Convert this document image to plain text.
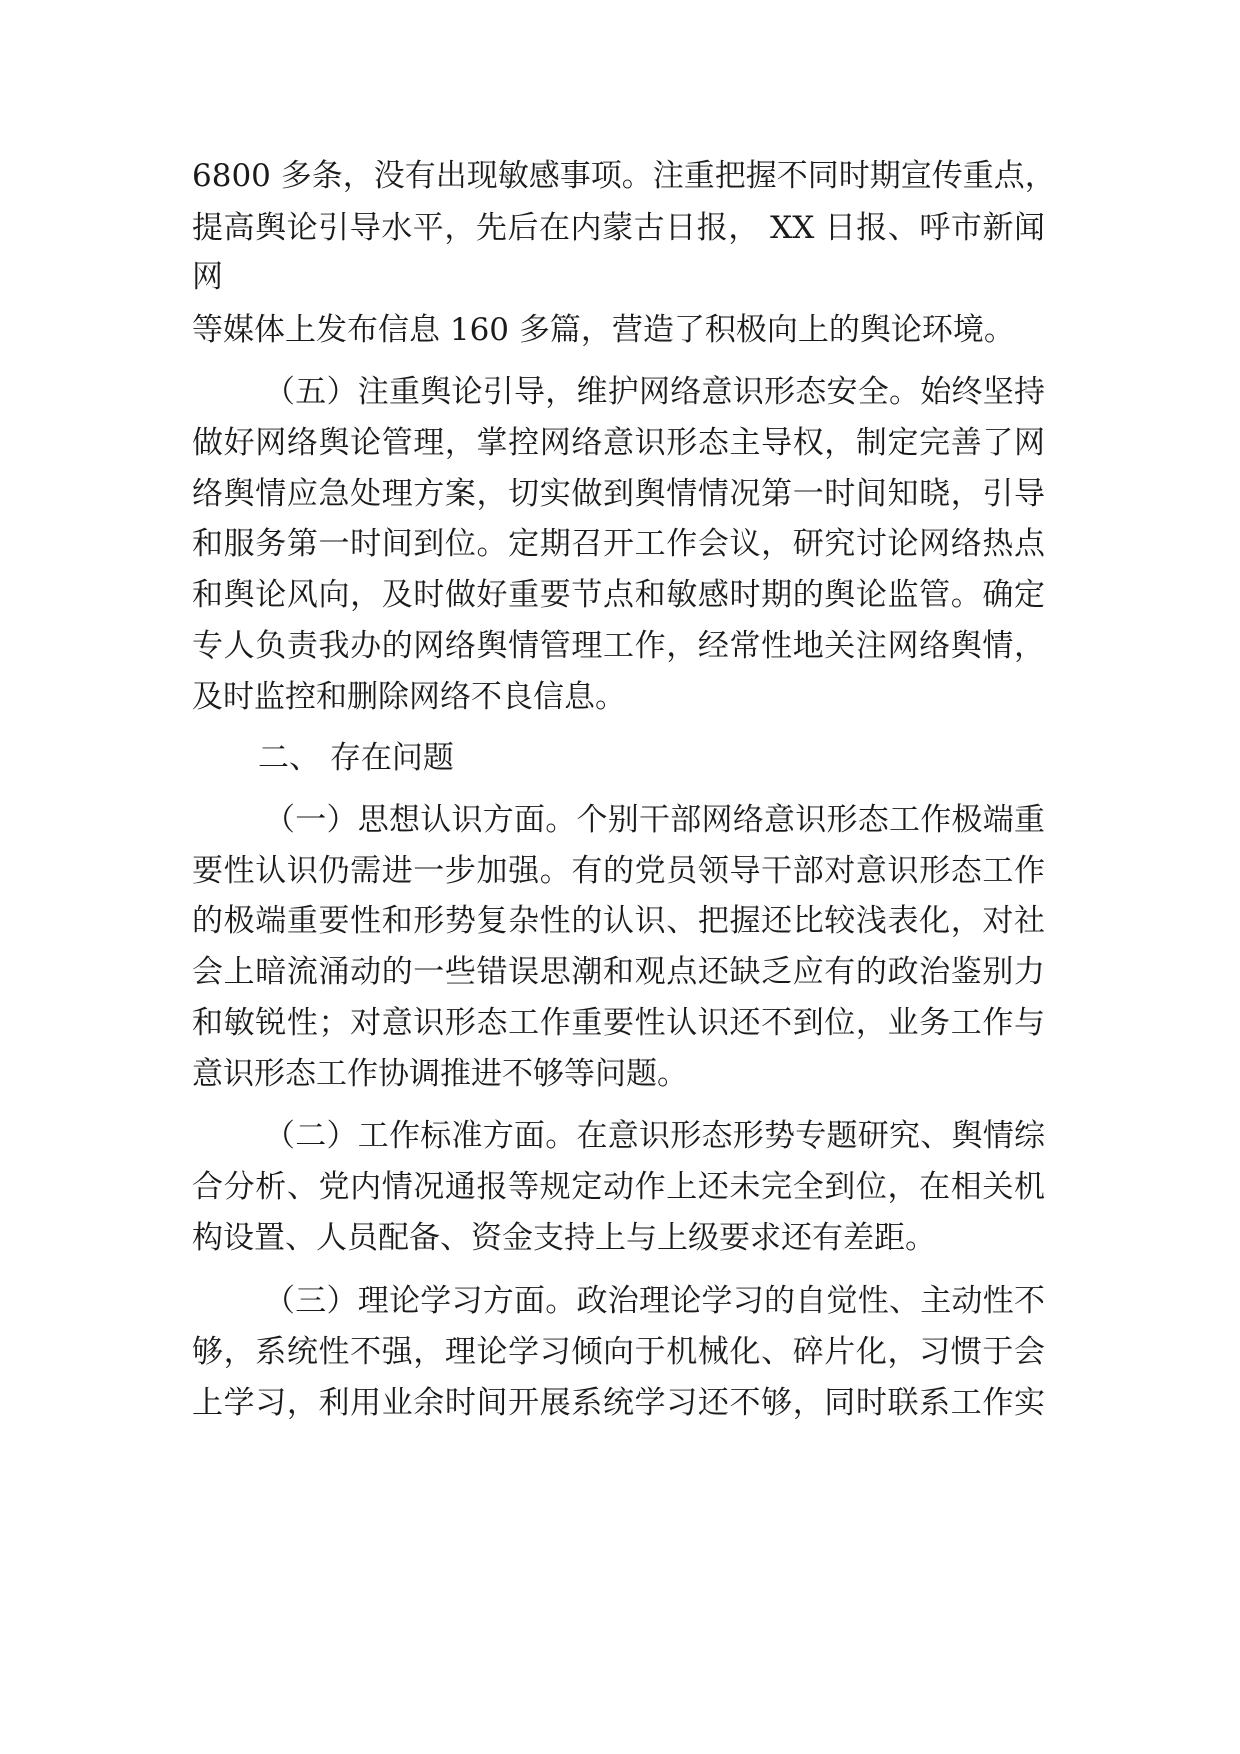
6800 多条，没有出现敏感事项。注重把握不同时期宣传重点，
提高舆论引导水平，先后在内蒙古日报， XX 日报、呼市新闻
网
等媒体上发布信息 160 多篇，营造了积极向上的舆论环境。
（五）注重舆论引导，维护网络意识形态安全。始终坚持
做好网络舆论管理，掌控网络意识形态主导权，制定完善了网
络舆情应急处理方案，切实做到舆情情况第一时间知晓，引导
和服务第一时间到位。定期召开工作会议，研究讨论网络热点
和舆论风向，及时做好重要节点和敏感时期的舆论监管。确定
专人负责我办的网络舆情管理工作，经常性地关注网络舆情，
及时监控和删除网络不良信息。
二、 存在问题
（一）思想认识方面。个别干部网络意识形态工作极端重
要性认识仍需进一步加强。有的党员领导干部对意识形态工作
的极端重要性和形势复杂性的认识、把握还比较浅表化，对社
会上暗流涌动的一些错误思潮和观点还缺乏应有的政治鉴别力
和敏锐性；对意识形态工作重要性认识还不到位，业务工作与
意识形态工作协调推进不够等问题。
（二）工作标准方面。在意识形态形势专题研究、舆情综
合分析、党内情况通报等规定动作上还未完全到位，在相关机
构设置、人员配备、资金支持上与上级要求还有差距。
（三）理论学习方面。政治理论学习的自觉性、主动性不
够，系统性不强，理论学习倾向于机械化、碎片化，习惯于会
上学习，利用业余时间开展系统学习还不够，同时联系工作实
